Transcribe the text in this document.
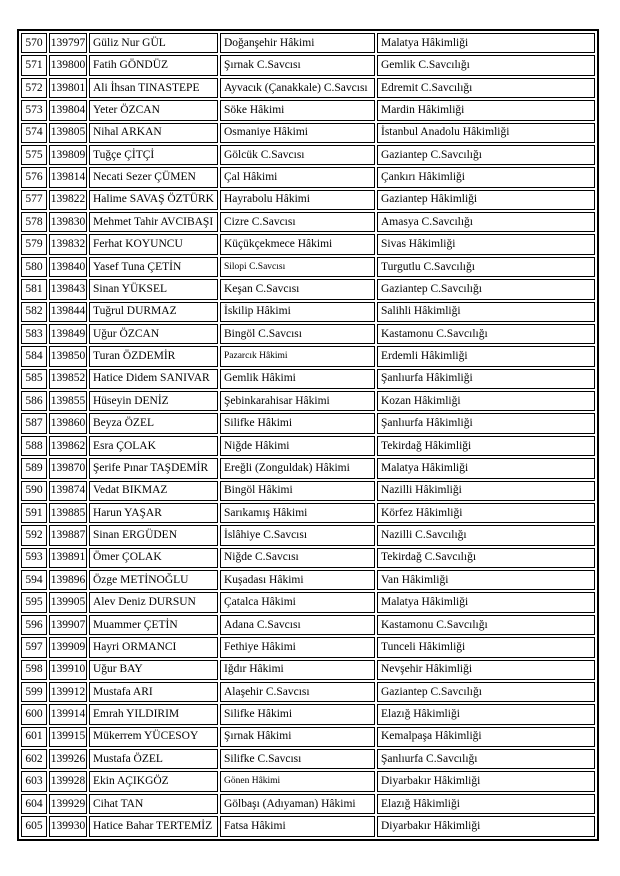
570	139797	Güliz Nur GÜL	Doğanşehir Hâkimi	Malatya Hâkimliği
571	139800	Fatih GÖNDÜZ	Şırnak C.Savcısı	Gemlik C.Savcılığı
572	139801	Ali İhsan TINASTEPE	Ayvacık (Çanakkale) C.Savcısı	Edremit C.Savcılığı
573	139804	Yeter ÖZCAN	Söke Hâkimi	Mardin Hâkimliği
574	139805	Nihal ARKAN	Osmaniye Hâkimi	İstanbul Anadolu Hâkimliği
575	139809	Tuğçe ÇİTÇİ	Gölcük C.Savcısı	Gaziantep C.Savcılığı
576	139814	Necati Sezer ÇÜMEN	Çal Hâkimi	Çankırı Hâkimliği
577	139822	Halime SAVAŞ ÖZTÜRK	Hayrabolu Hâkimi	Gaziantep Hâkimliği
578	139830	Mehmet Tahir AVCIBAŞI	Cizre C.Savcısı	Amasya C.Savcılığı
579	139832	Ferhat KOYUNCU	Küçükçekmece Hâkimi	Sivas Hâkimliği
580	139840	Yasef Tuna ÇETİN	Silopi C.Savcısı	Turgutlu C.Savcılığı
581	139843	Sinan YÜKSEL	Keşan C.Savcısı	Gaziantep C.Savcılığı
582	139844	Tuğrul DURMAZ	İskilip Hâkimi	Salihli Hâkimliği
583	139849	Uğur ÖZCAN	Bingöl C.Savcısı	Kastamonu C.Savcılığı
584	139850	Turan ÖZDEMİR	Pazarcık Hâkimi	Erdemli Hâkimliği
585	139852	Hatice Didem SANIVAR	Gemlik Hâkimi	Şanlıurfa Hâkimliği
586	139855	Hüseyin DENİZ	Şebinkarahisar Hâkimi	Kozan Hâkimliği
587	139860	Beyza ÖZEL	Silifke Hâkimi	Şanlıurfa Hâkimliği
588	139862	Esra ÇOLAK	Niğde Hâkimi	Tekirdağ Hâkimliği
589	139870	Şerife Pınar TAŞDEMİR	Ereğli (Zonguldak) Hâkimi	Malatya Hâkimliği
590	139874	Vedat BIKMAZ	Bingöl Hâkimi	Nazilli Hâkimliği
591	139885	Harun YAŞAR	Sarıkamış Hâkimi	Körfez Hâkimliği
592	139887	Sinan ERGÜDEN	İslâhiye C.Savcısı	Nazilli C.Savcılığı
593	139891	Ömer ÇOLAK	Niğde C.Savcısı	Tekirdağ C.Savcılığı
594	139896	Özge METİNOĞLU	Kuşadası Hâkimi	Van Hâkimliği
595	139905	Alev Deniz DURSUN	Çatalca Hâkimi	Malatya Hâkimliği
596	139907	Muammer ÇETİN	Adana C.Savcısı	Kastamonu C.Savcılığı
597	139909	Hayri ORMANCI	Fethiye Hâkimi	Tunceli Hâkimliği
598	139910	Uğur BAY	Iğdır Hâkimi	Nevşehir Hâkimliği
599	139912	Mustafa ARI	Alaşehir C.Savcısı	Gaziantep C.Savcılığı
600	139914	Emrah YILDIRIM	Silifke Hâkimi	Elazığ Hâkimliği
601	139915	Mükerrem YÜCESOY	Şırnak Hâkimi	Kemalpaşa Hâkimliği
602	139926	Mustafa ÖZEL	Silifke C.Savcısı	Şanlıurfa C.Savcılığı
603	139928	Ekin AÇIKGÖZ	Gönen Hâkimi	Diyarbakır Hâkimliği
604	139929	Cihat TAN	Gölbaşı (Adıyaman) Hâkimi	Elazığ Hâkimliği
605	139930	Hatice Bahar TERTEMİZ	Fatsa Hâkimi	Diyarbakır Hâkimliği
